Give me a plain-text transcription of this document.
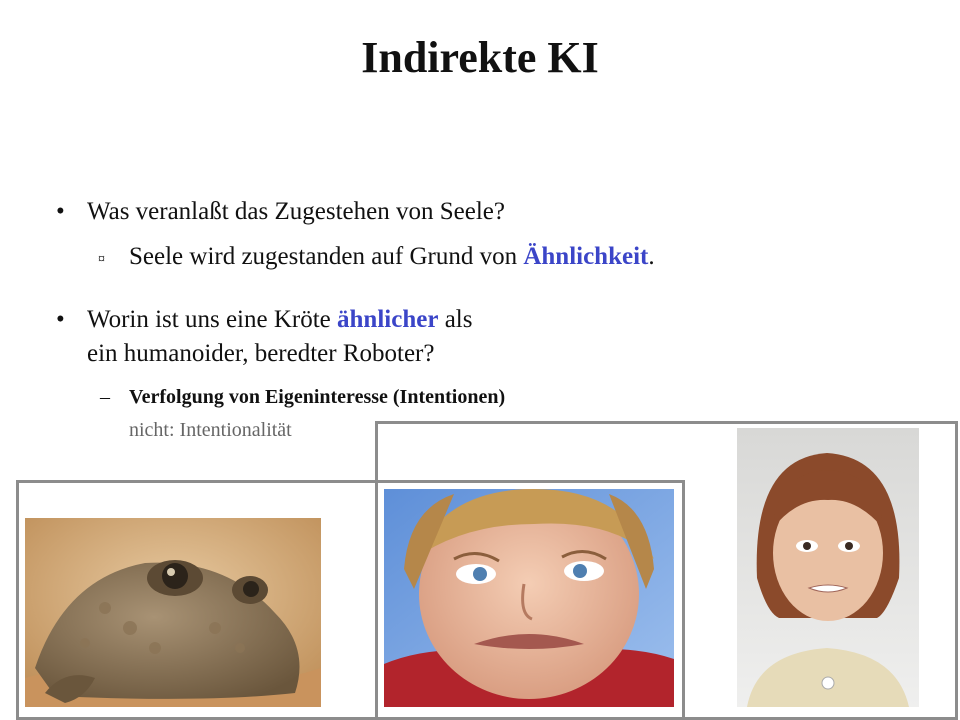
Indirekte KI
• Was veranlaßt das Zugestehen von Seele?
¤ Seele wird zugestanden auf Grund von Ähnlichkeit.
• Worin ist uns eine Kröte ähnlicher als
ein humanoider, beredter Roboter?
– Verfolgung von Eigeninteresse (Intentionen)
nicht: Intentionalität
